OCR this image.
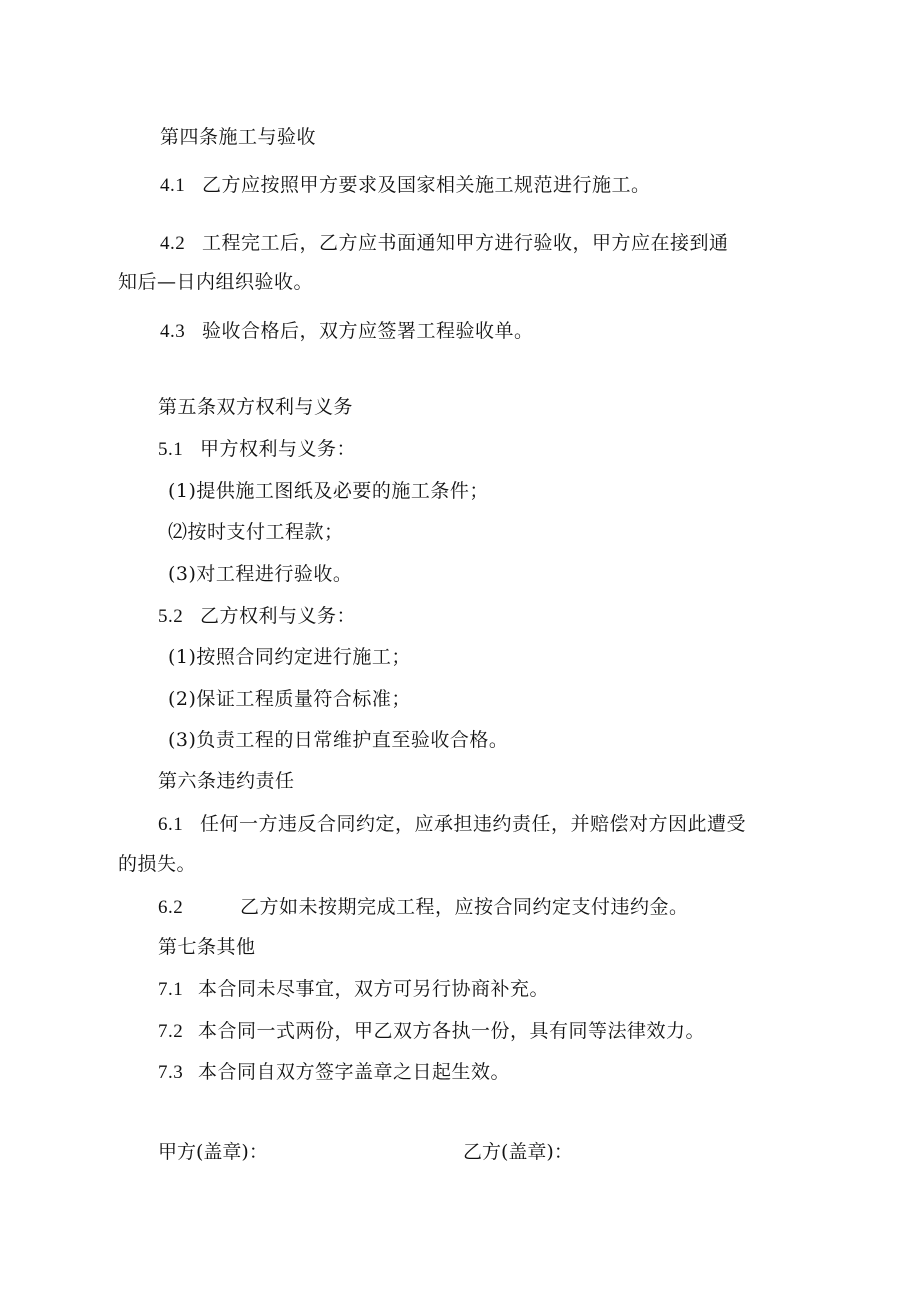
第四条施工与验收
4.1 乙方应按照甲方要求及国家相关施工规范进行施工。
4.2 工程完工后，乙方应书面通知甲方进行验收，甲方应在接到通
知后—日内组织验收。
4.3 验收合格后，双方应签署工程验收单。
第五条双方权利与义务
5.1 甲方权利与义务：
(1)提供施工图纸及必要的施工条件；
⑵按时支付工程款；
(3)对工程进行验收。
5.2 乙方权利与义务：
(1)按照合同约定进行施工；
(2)保证工程质量符合标准；
(3)负责工程的日常维护直至验收合格。
第六条违约责任
6.1 任何一方违反合同约定，应承担违约责任，并赔偿对方因此遭受
的损失。
6.2	乙方如未按期完成工程，应按合同约定支付违约金。
第七条其他
7.1 本合同未尽事宜，双方可另行协商补充。
7.2 本合同一式两份，甲乙双方各执一份，具有同等法律效力。
7.3 本合同自双方签字盖章之日起生效。
甲方(盖章)：	乙方(盖章)：
